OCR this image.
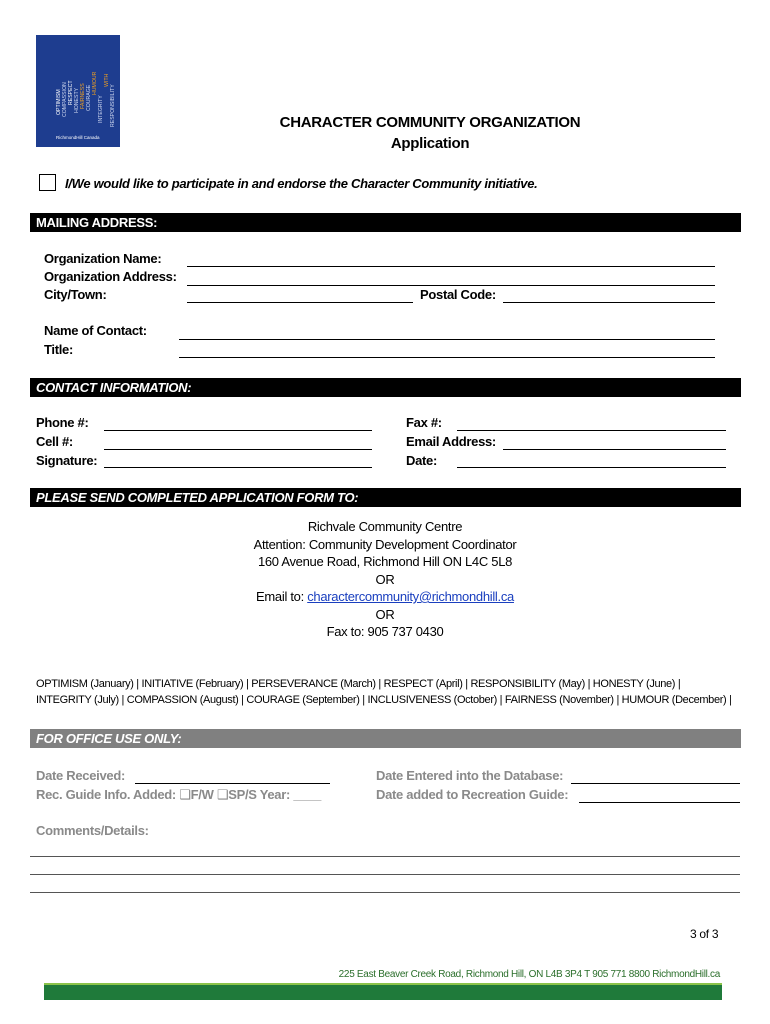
OPTIMISM COMPASSION RESPECT HONESTY FAIRNESS COURAGE
HUMOUR
INTEGRITY
WITH
RESPONSIBILITY
RichmondHill Canada
CHARACTER COMMUNITY ORGANIZATION
Application
I/We would like to participate in and endorse the Character Community initiative.
MAILING ADDRESS:
Organization Name:
Organization Address:
City/Town:	Postal Code:
Name of Contact:
Title:
CONTACT INFORMATION:
Phone #:
Cell #:
Signature:
Fax #:
Email Address:
Date:
PLEASE SEND COMPLETED APPLICATION FORM TO:
Richvale Community Centre
Attention: Community Development Coordinator
160 Avenue Road, Richmond Hill ON L4C 5L8
OR
Email to: charactercommunity@richmondhill.ca
OR
Fax to: 905 737 0430
OPTIMISM (January) | INITIATIVE (February) | PERSEVERANCE (March) | RESPECT (April) | RESPONSIBILITY (May) | HONESTY (June) |
INTEGRITY (July) | COMPASSION (August) | COURAGE (September) | INCLUSIVENESS (October) | FAIRNESS (November) | HUMOUR (December) |
FOR OFFICE USE ONLY:
Date Received:
Rec. Guide Info. Added: ❑F/W ❑SP/S Year: ____
Date Entered into the Database:
Date added to Recreation Guide:
Comments/Details:
3 of 3
225 East Beaver Creek Road, Richmond Hill, ON L4B 3P4 T 905 771 8800 RichmondHill.ca
